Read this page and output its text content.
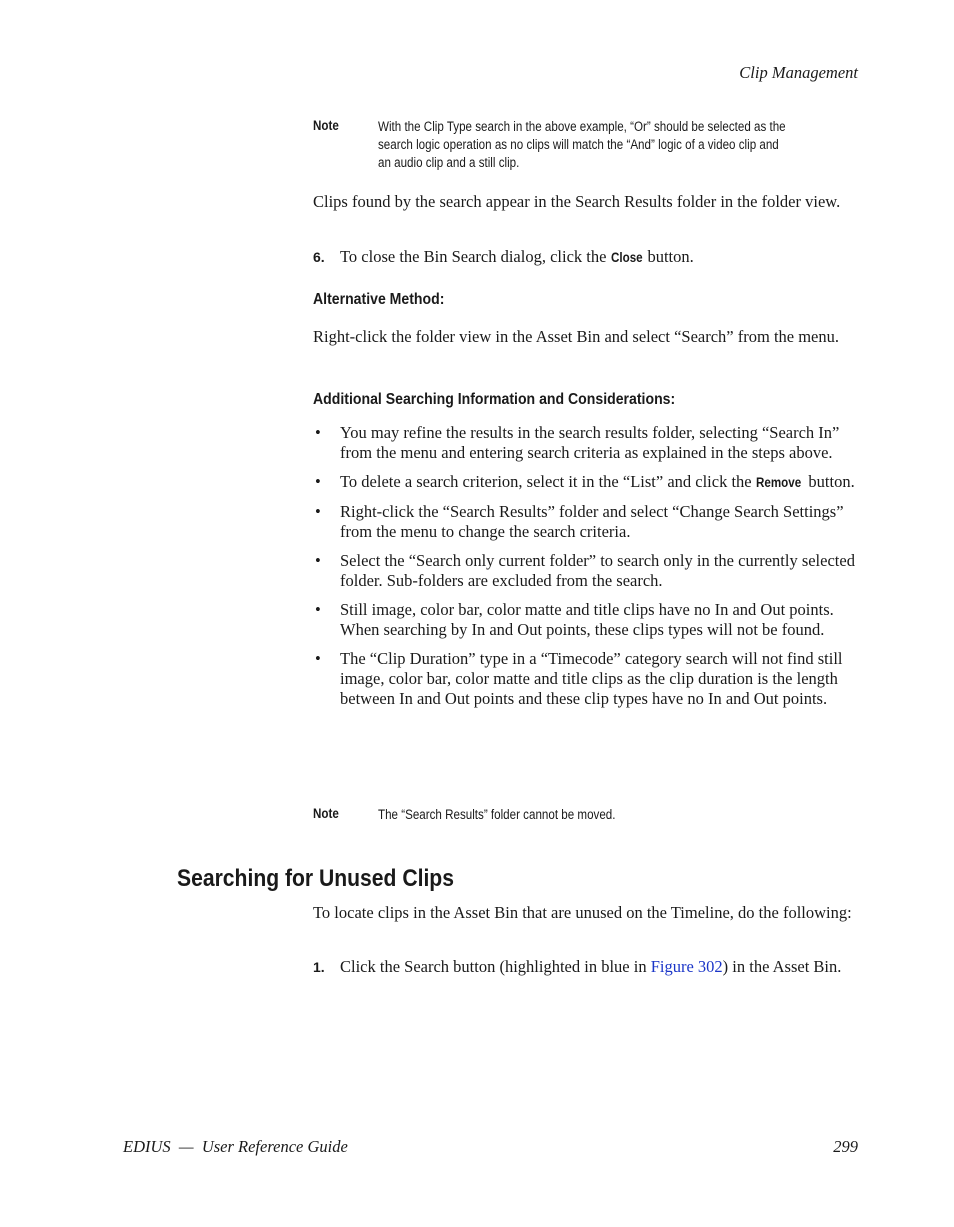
Clip Management
Note	With the Clip Type search in the above example, “Or” should be selected as the search logic operation as no clips will match the “And” logic of a video clip and an audio clip and a still clip.
Clips found by the search appear in the Search Results folder in the folder view.
6. To close the Bin Search dialog, click the Close button.
Alternative Method:
Right-click the folder view in the Asset Bin and select “Search” from the menu.
Additional Searching Information and Considerations:
•	You may refine the results in the search results folder, selecting “Search In” from the menu and entering search criteria as explained in the steps above.
•	To delete a search criterion, select it in the “List” and click the Remove button.
•	Right-click the “Search Results” folder and select “Change Search Settings” from the menu to change the search criteria.
•	Select the “Search only current folder” to search only in the currently selected folder. Sub-folders are excluded from the search.
•	Still image, color bar, color matte and title clips have no In and Out points. When searching by In and Out points, these clips types will not be found.
•	The “Clip Duration” type in a “Timecode” category search will not find still image, color bar, color matte and title clips as the clip duration is the length between In and Out points and these clip types have no In and Out points.
Note	The “Search Results” folder cannot be moved.
Searching for Unused Clips
To locate clips in the Asset Bin that are unused on the Timeline, do the following:
1. Click the Search button (highlighted in blue in Figure 302) in the Asset Bin.
EDIUS  —  User Reference Guide	299
